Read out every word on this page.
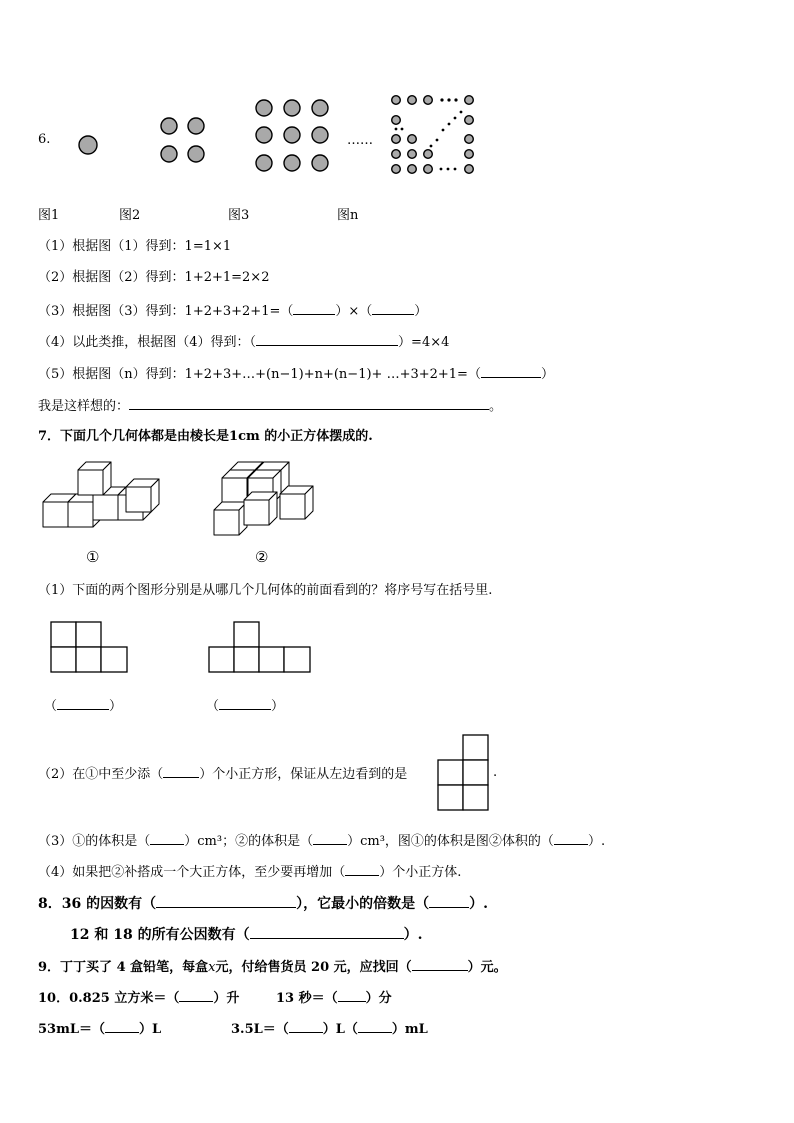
6.	……
图1	图2	图3	图n
（1）根据图（1）得到：1=1×1
（2）根据图（2）得到：1+2+1=2×2
（3）根据图（3）得到：1+2+3+2+1=（	）×（	）
（4）以此类推，根据图（4）得到：（	）=4×4
（5）根据图（n）得到：1+2+3+…+(n−1)+n+(n−1)+ …+3+2+1=（	）
我是这样想的：	。
7．下面几个几何体都是由棱长是1cm 的小正方体摆成的.
①	②
（1）下面的两个图形分别是从哪几个几何体的前面看到的？将序号写在括号里.
（	）	（	）
（2）在①中至少添（	）个小正方形，保证从左边看到的是	.
（3）①的体积是（	）cm³；②的体积是（	）cm³，图①的体积是图②体积的（	）.
（4）如果把②补搭成一个大正方体，至少要再增加（	）个小正方体.
8．36 的因数有（	），它最小的倍数是（	）.
12 和 18 的所有公因数有（	）.
9．丁丁买了 4 盒铅笔，每盒x元，付给售货员 20 元，应找回（	）元。
10．0.825 立方米＝（	）升	13 秒＝（ ）分
53mL＝（	）L	3.5L＝（	）L（	）mL
